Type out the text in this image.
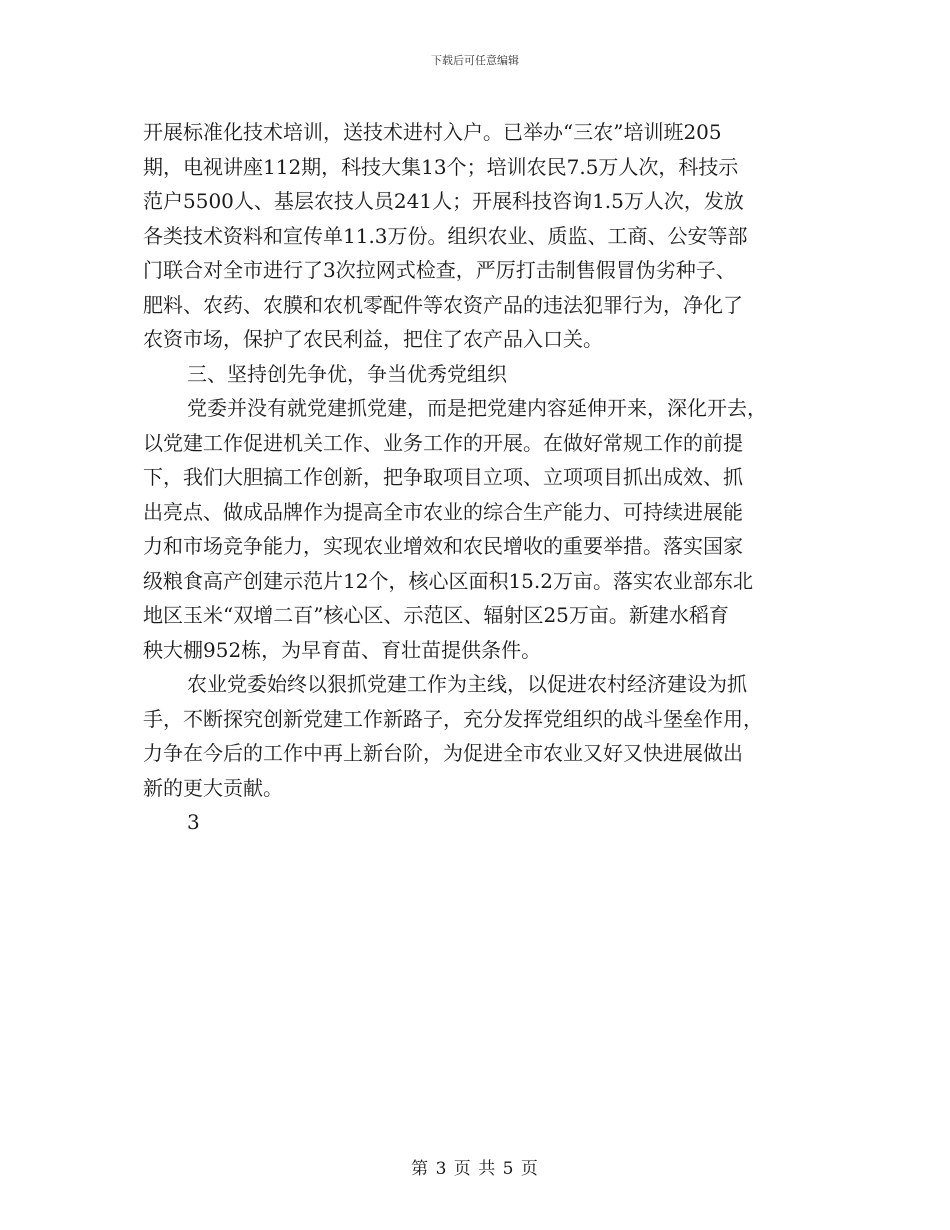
下载后可任意编辑
开展标准化技术培训，送技术进村入户。已举办“三农”培训班205
期，电视讲座112期，科技大集13个；培训农民7.5万人次，科技示
范户5500人、基层农技人员241人；开展科技咨询1.5万人次，发放
各类技术资料和宣传单11.3万份。组织农业、质监、工商、公安等部
门联合对全市进行了3次拉网式检查，严厉打击制售假冒伪劣种子、
肥料、农药、农膜和农机零配件等农资产品的违法犯罪行为，净化了
农资市场，保护了农民利益，把住了农产品入口关。
三、坚持创先争优，争当优秀党组织
党委并没有就党建抓党建，而是把党建内容延伸开来，深化开去，
以党建工作促进机关工作、业务工作的开展。在做好常规工作的前提
下，我们大胆搞工作创新，把争取项目立项、立项项目抓出成效、抓
出亮点、做成品牌作为提高全市农业的综合生产能力、可持续进展能
力和市场竞争能力，实现农业增效和农民增收的重要举措。落实国家
级粮食高产创建示范片12个，核心区面积15.2万亩。落实农业部东北
地区玉米“双增二百”核心区、示范区、辐射区25万亩。新建水稻育
秧大棚952栋，为早育苗、育壮苗提供条件。
农业党委始终以狠抓党建工作为主线，以促进农村经济建设为抓
手，不断探究创新党建工作新路子，充分发挥党组织的战斗堡垒作用，
力争在今后的工作中再上新台阶，为促进全市农业又好又快进展做出
新的更大贡献。
3
第 3 页 共 5 页
